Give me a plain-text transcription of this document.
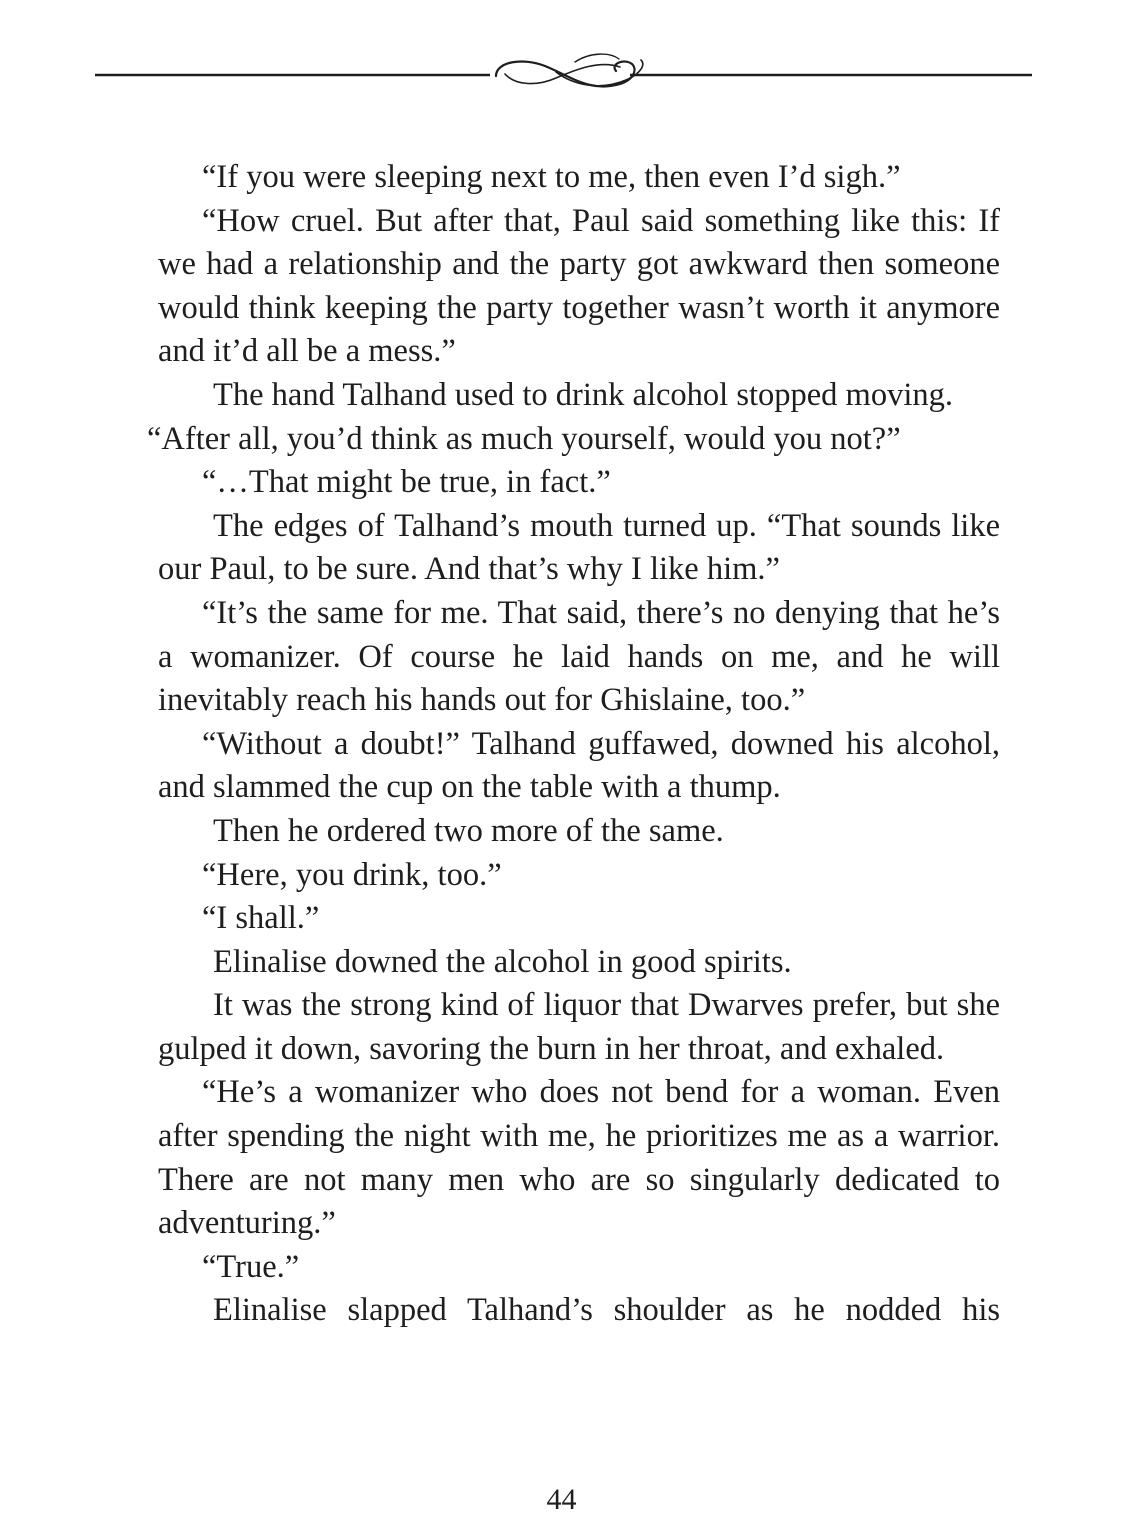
“If you were sleeping next to me, then even I’d sigh.”

“How cruel. But after that, Paul said something like this: If we had a relationship and the party got awkward then someone would think keeping the party together wasn’t worth it anymore and it’d all be a mess.”

The hand Talhand used to drink alcohol stopped moving.

“After all, you’d think as much yourself, would you not?”

“…That might be true, in fact.”

The edges of Talhand’s mouth turned up. “That sounds like our Paul, to be sure. And that’s why I like him.”

“It’s the same for me. That said, there’s no denying that he’s a womanizer. Of course he laid hands on me, and he will inevitably reach his hands out for Ghislaine, too.”

“Without a doubt!” Talhand guffawed, downed his alcohol, and slammed the cup on the table with a thump.

Then he ordered two more of the same.

“Here, you drink, too.”

“I shall.”

Elinalise downed the alcohol in good spirits.

It was the strong kind of liquor that Dwarves prefer, but she gulped it down, savoring the burn in her throat, and exhaled.

“He’s a womanizer who does not bend for a woman. Even after spending the night with me, he prioritizes me as a warrior. There are not many men who are so singularly dedicated to adventuring.”

“True.”

Elinalise slapped Talhand’s shoulder as he nodded his

44
